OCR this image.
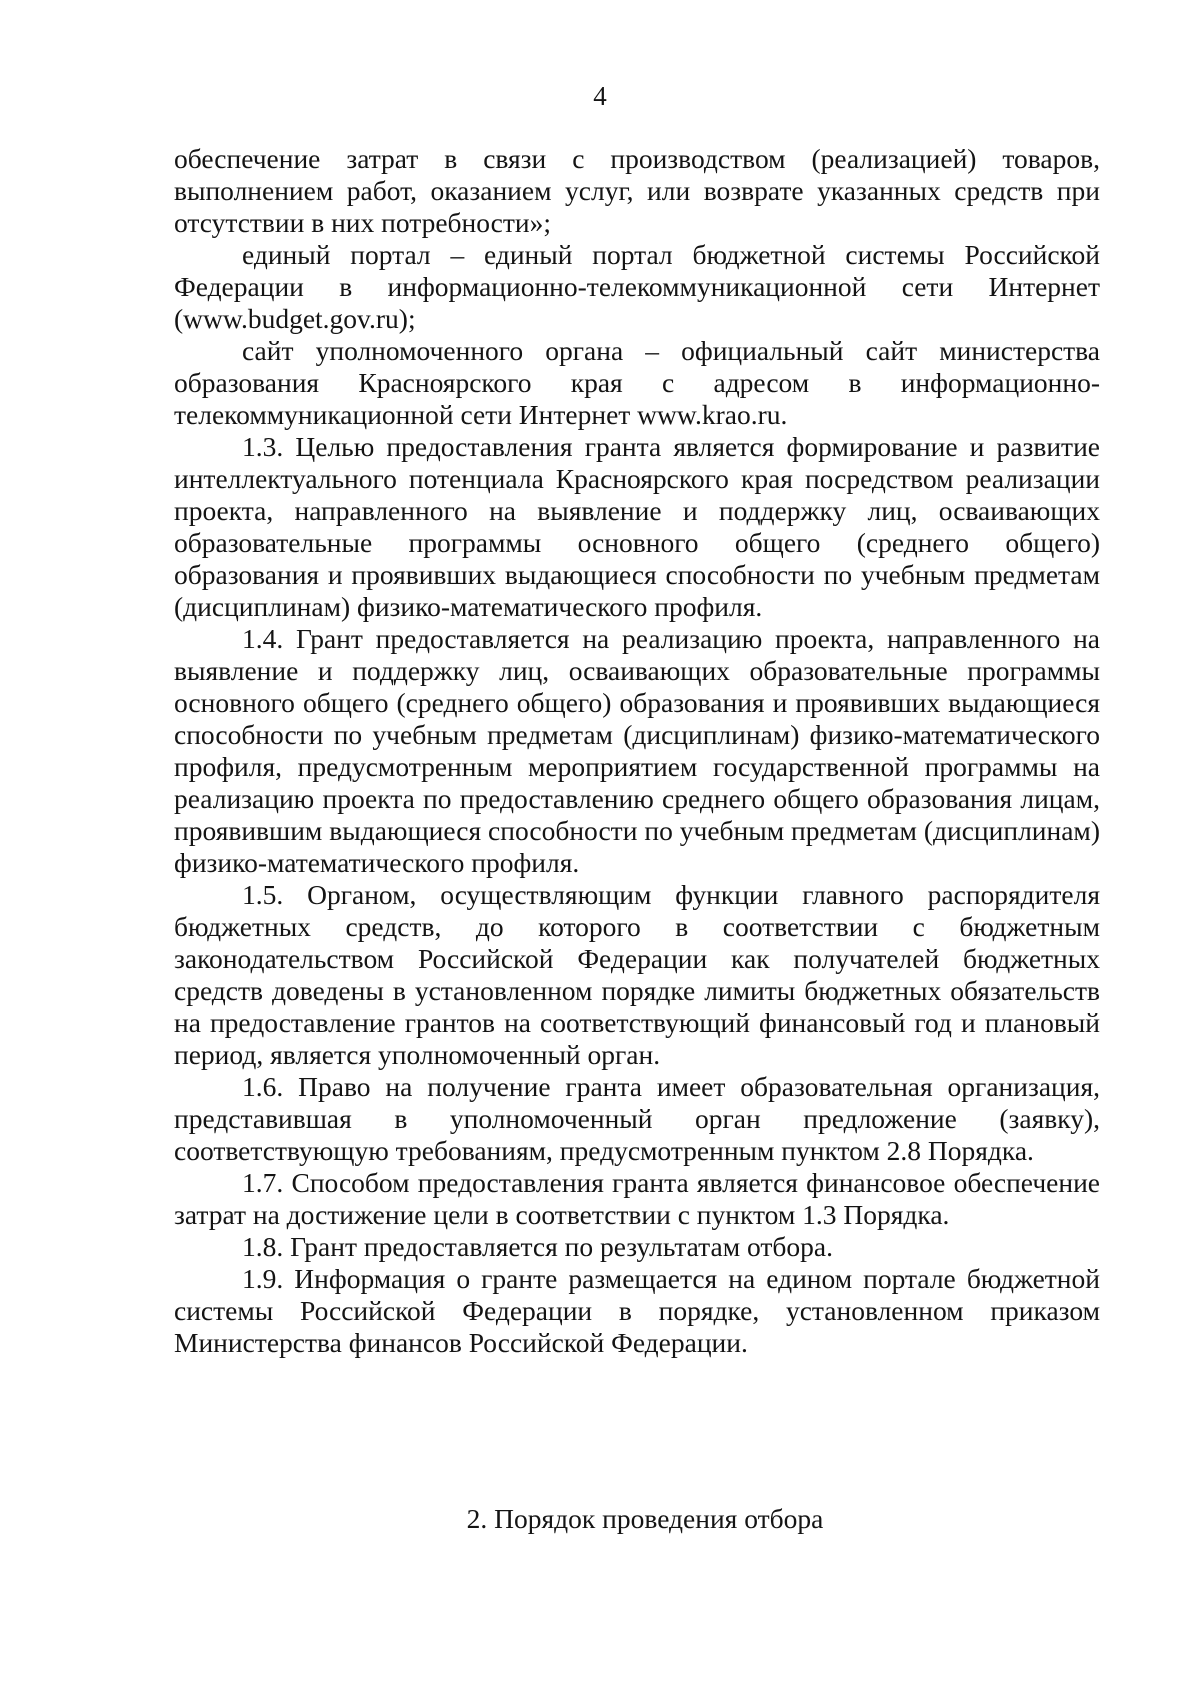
4

обеспечение затрат в связи с производством (реализацией) товаров, выполнением работ, оказанием услуг, или возврате указанных средств при отсутствии в них потребности»;

единый портал – единый портал бюджетной системы Российской Федерации в информационно-телекоммуникационной сети Интернет (www.budget.gov.ru);

сайт уполномоченного органа – официальный сайт министерства образования Красноярского края с адресом в информационно-телекоммуникационной сети Интернет www.krao.ru.

1.3. Целью предоставления гранта является формирование и развитие интеллектуального потенциала Красноярского края посредством реализации проекта, направленного на выявление и поддержку лиц, осваивающих образовательные программы основного общего (среднего общего) образования и проявивших выдающиеся способности по учебным предметам (дисциплинам) физико-математического профиля.

1.4. Грант предоставляется на реализацию проекта, направленного на выявление и поддержку лиц, осваивающих образовательные программы основного общего (среднего общего) образования и проявивших выдающиеся способности по учебным предметам (дисциплинам) физико-математического профиля, предусмотренным мероприятием государственной программы на реализацию проекта по предоставлению среднего общего образования лицам, проявившим выдающиеся способности по учебным предметам (дисциплинам) физико-математического профиля.

1.5. Органом, осуществляющим функции главного распорядителя бюджетных средств, до которого в соответствии с бюджетным законодательством Российской Федерации как получателей бюджетных средств доведены в установленном порядке лимиты бюджетных обязательств на предоставление грантов на соответствующий финансовый год и плановый период, является уполномоченный орган.

1.6. Право на получение гранта имеет образовательная организация, представившая в уполномоченный орган предложение (заявку), соответствующую требованиям, предусмотренным пунктом 2.8 Порядка.

1.7. Способом предоставления гранта является финансовое обеспечение затрат на достижение цели в соответствии с пунктом 1.3 Порядка.

1.8. Грант предоставляется по результатам отбора.

1.9. Информация о гранте размещается на едином портале бюджетной системы Российской Федерации в порядке, установленном приказом Министерства финансов Российской Федерации.

2. Порядок проведения отбора
